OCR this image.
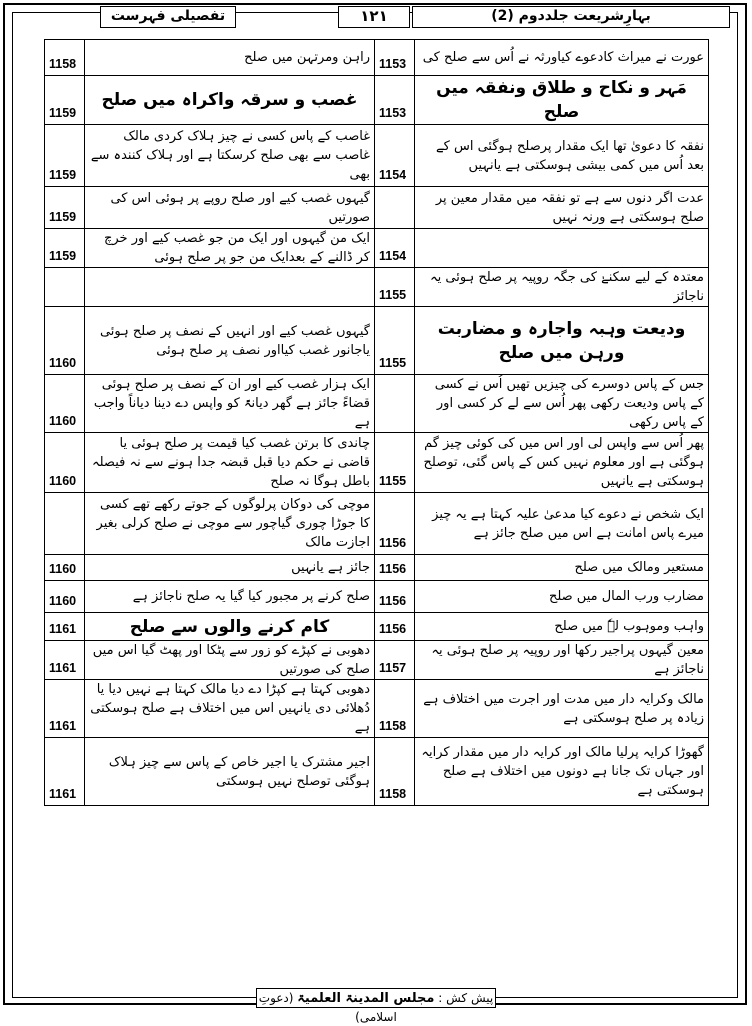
بہارِشریعت جلددوم (2)
۱۲۱
تفصیلی فہرست
1158	راہن ومرتہن میں صلح	1153	عورت نے میراث کادعوے کیاورثہ نے اُس سے صلح کی
1159	غصب و سرقہ واکراہ میں صلح	1153	مَہر و نکاح و طلاق ونفقہ میں صلح
1159	غاصب کے پاس کسی نے چیز ہلاک کردی مالک غاصب سے بھی صلح کرسکتا ہے اور ہلاک کنندہ سے بھی	1154	نفقہ کا دعویٰ تھا ایک مقدار پرصلح ہوگئی اس کے بعد اُس میں کمی بیشی ہوسکتی ہے یانہیں
1159	گیہوں غصب کیے اور صلح روپے پر ہوئی اس کی صورتیں		عدت اگر دنوں سے ہے تو نفقہ میں مقدار معین پر صلح ہوسکتی ہے ورنہ نہیں
1159	ایک من گیہوں اور ایک من جو غصب کیے اور خرچ کر ڈالنے کے بعدایک من جو پر صلح ہوئی	1154	
		1155	معتدہ کے لیے سکنےٰ کی جگہ روپیہ پر صلح ہوئی یہ ناجائز
1160	گیہوں غصب کیے اور انہیں کے نصف پر صلح ہوئی یاجانور غصب کیااور نصف پر صلح ہوئی	1155	ودیعت وہبہ واجارہ و مضاربت ورہن میں صلح
1160	ایک ہزار غصب کیے اور ان کے نصف پر صلح ہوئی قضاءً جائز ہے گھر دیانۃً کو واپس دے دینا دیاناً واجب ہے		جس کے پاس دوسرے کی چیزیں تھیں اُس نے کسی کے پاس ودیعت رکھی پھر اُس سے لے کر کسی اور کے پاس رکھی
1160	چاندی کا برتن غصب کیا قیمت پر صلح ہوئی یا قاضی نے حکم دیا قبل قبضہ جدا ہونے سے نہ فیصلہ باطل ہوگا نہ صلح	1155	پھر اُس سے واپس لی اور اس میں کی کوئی چیز گم ہوگئی ہے اور معلوم نہیں کس کے پاس گئی، توصلح ہوسکتی ہے یانہیں
	موچی کی دوکان پرلوگوں کے جوتے رکھے تھے کسی کا جوڑا چوری گیاچور سے موچی نے صلح کرلی بغیر اجازت مالک	1156	ایک شخص نے دعوے کیا مدعیٰ علیہ کہتا ہے یہ چیز میرے پاس امانت ہے اس میں صلح جائز ہے
1160	جائز ہے یانہیں	1156	مستعیر ومالک میں صلح
1160	صلح کرنے پر مجبور کیا گیا یہ صلح ناجائز ہے	1156	مضارب ورب المال میں صلح
1161	کام کرنے والوں سے صلح	1156	واہب وموہوب لہٗ میں صلح
1161	دھوبی نے کپڑے کو زور سے پٹکا اور پھٹ گیا اس میں صلح کی صورتیں	1157	معین گیہوں پراجیر رکھا اور روپیہ پر صلح ہوئی یہ ناجائز ہے
1161	دھوبی کہتا ہے کپڑا دے دیا مالک کہتا ہے نہیں دیا یا دُھلائی دی یانہیں اس میں اختلاف ہے صلح ہوسکتی ہے	1158	مالک وکرایہ دار میں مدت اور اجرت میں اختلاف ہے زیادہ پر صلح ہوسکتی ہے
1161	اجیر مشترک یا اجیر خاص کے پاس سے چیز ہلاک ہوگئی توصلح نہیں ہوسکتی	1158	گھوڑا کرایہ پرلیا مالک اور کرایہ دار میں مقدار کرایہ اور جہاں تک جانا ہے دونوں میں اختلاف ہے صلح ہوسکتی ہے
پیش کش : مجلس المدینۃ العلمیۃ (دعوتِ اسلامی)
